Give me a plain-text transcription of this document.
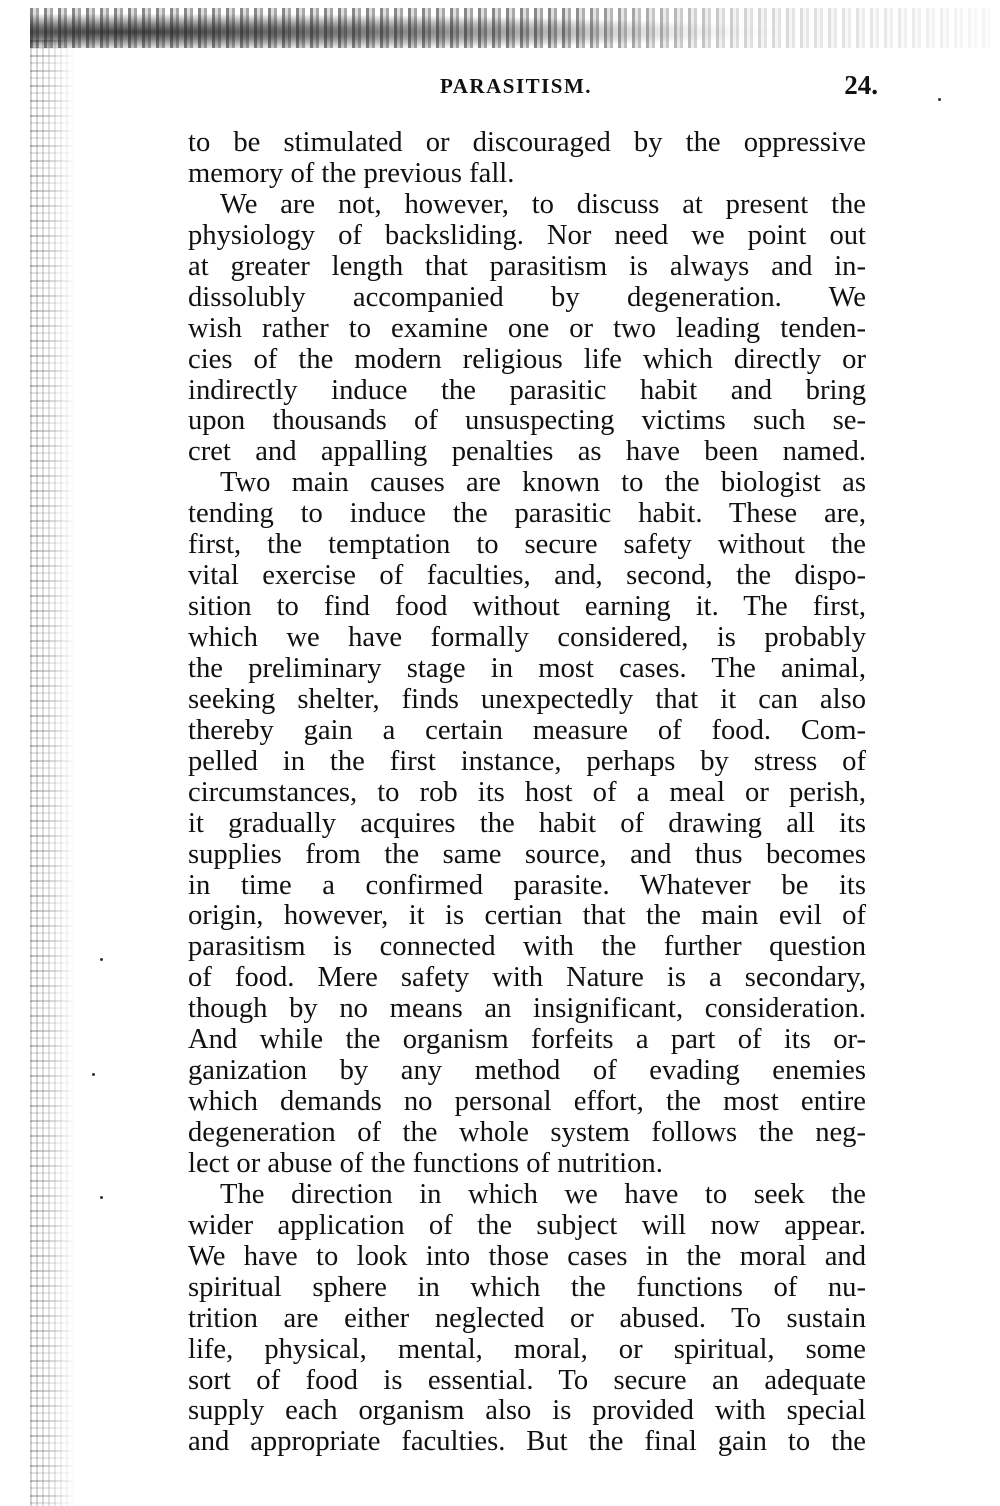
PARASITISM.	24.
to be stimulated or discouraged by the oppressive
memory of the previous fall.
We are not, however, to discuss at present the
physiology of backsliding. Nor need we point out
at greater length that parasitism is always and in-
dissolubly accompanied by degeneration. We
wish rather to examine one or two leading tenden-
cies of the modern religious life which directly or
indirectly induce the parasitic habit and bring
upon thousands of unsuspecting victims such se-
cret and appalling penalties as have been named.
Two main causes are known to the biologist as
tending to induce the parasitic habit. These are,
first, the temptation to secure safety without the
vital exercise of faculties, and, second, the dispo-
sition to find food without earning it. The first,
which we have formally considered, is probably
the preliminary stage in most cases. The animal,
seeking shelter, finds unexpectedly that it can also
thereby gain a certain measure of food. Com-
pelled in the first instance, perhaps by stress of
circumstances, to rob its host of a meal or perish,
it gradually acquires the habit of drawing all its
supplies from the same source, and thus becomes
in time a confirmed parasite. Whatever be its
origin, however, it is certian that the main evil of
parasitism is connected with the further question
of food. Mere safety with Nature is a secondary,
though by no means an insignificant, consideration.
And while the organism forfeits a part of its or-
ganization by any method of evading enemies
which demands no personal effort, the most entire
degeneration of the whole system follows the neg-
lect or abuse of the functions of nutrition.
The direction in which we have to seek the
wider application of the subject will now appear.
We have to look into those cases in the moral and
spiritual sphere in which the functions of nu-
trition are either neglected or abused. To sustain
life, physical, mental, moral, or spiritual, some
sort of food is essential. To secure an adequate
supply each organism also is provided with special
and appropriate faculties. But the final gain to the
